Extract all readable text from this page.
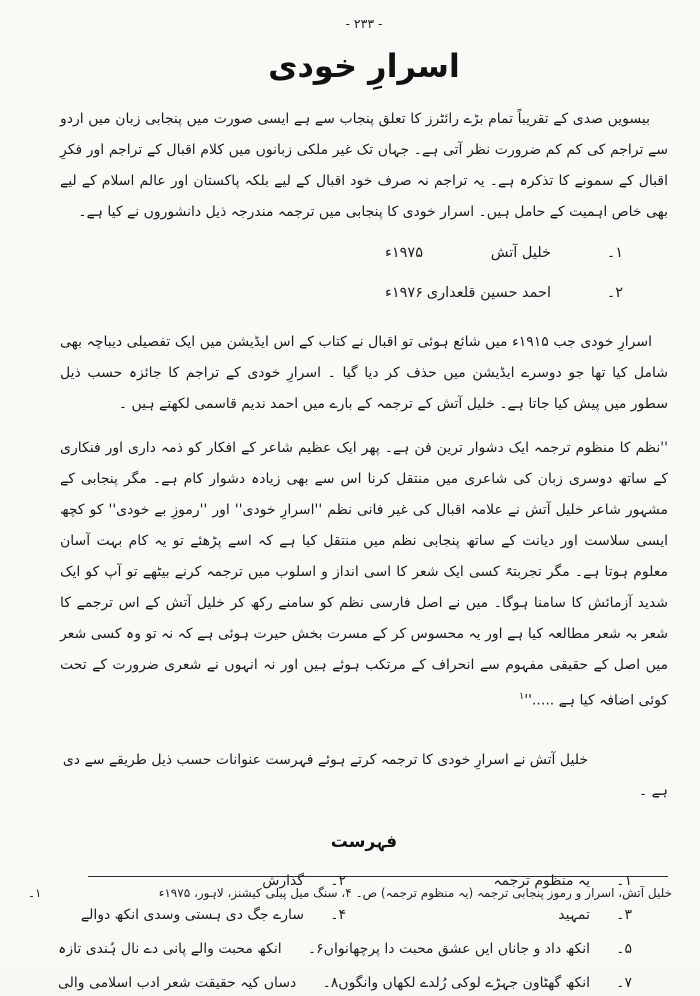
- ۲۳۳ -
اسرارِ خودی

بیسویں صدی کے تقریباً تمام بڑے رائٹرز کا تعلق پنجاب سے ہے ایسی صورت میں پنجابی زبان میں اردو سے تراجم کی کم کم ضرورت نظر آتی ہے۔ جہاں تک غیر ملکی زبانوں میں کلام اقبال کے تراجم اور فکرِ اقبال کے سمونے کا تذکرہ ہے۔ یہ تراجم نہ صرف خود اقبال کے لیے بلکہ پاکستان اور عالم اسلام کے لیے بھی خاص اہمیت کے حامل ہیں۔ اسرار خودی کا پنجابی میں ترجمہ مندرجہ ذیل دانشوروں نے کیا ہے۔

۱۔
خلیل آتش
۱۹۷۵ء
۲۔
احمد حسین قلعداری
۱۹۷۶ء

اسرارِ خودی جب ۱۹۱۵ء میں شائع ہوئی تو اقبال نے کتاب کے اس ایڈیشن میں ایک تفصیلی دیباچہ بھی شامل کیا تھا جو دوسرے ایڈیشن میں حذف کر دیا گیا ۔ اسرارِ خودی کے تراجم کا جائزہ حسب ذیل سطور میں پیش کیا جاتا ہے۔ خلیل آتش کے ترجمہ کے بارے میں احمد ندیم قاسمی لکھتے ہیں ۔

''نظم کا منظوم ترجمہ ایک دشوار ترین فن ہے۔ پھر ایک عظیم شاعر کے افکار کو ذمہ داری اور فنکاری کے ساتھ دوسری زبان کی شاعری میں منتقل کرنا اس سے بھی زیادہ دشوار کام ہے۔ مگر پنجابی کے مشہور شاعر خلیل آتش نے علامہ اقبال کی غیر فانی نظم ''اسرارِ خودی'' اور ''رموزِ بے خودی'' کو کچھ ایسی سلاست اور دیانت کے ساتھ پنجابی نظم میں منتقل کیا ہے کہ اسے پڑھئے تو یہ کام بہت آسان معلوم ہوتا ہے۔ مگر تجربتہً کسی ایک شعر کا اسی انداز و اسلوب میں ترجمہ کرنے بیٹھے تو آپ کو ایک شدید آزمائش کا سامنا ہوگا۔ میں نے اصل فارسی نظم کو سامنے رکھ کر خلیل آتش کے اس ترجمے کا شعر بہ شعر مطالعہ کیا ہے اور یہ محسوس کر کے مسرت بخش حیرت ہوئی ہے کہ نہ تو وہ کسی شعر میں اصل کے حقیقی مفہوم سے انحراف کے مرتکب ہوئے ہیں اور نہ انہوں نے شعری ضرورت کے تحت کوئی اضافہ کیا ہے .....''$^۱$

خلیل آتش نے اسرارِ خودی کا ترجمہ کرتے ہوئے فہرست عنوانات حسب ذیل طریقے سے دی ہے ۔

فہرست
۱۔
یہ منظوم ترجمہ
۲۔
گذارش
۳۔
تمہید
۴۔
سارے جگ دی ہستی وسدی انکھ دوالے
۵۔
انکھ داد و جاناں ایں عشق محبت دا پرچھانواں
۶۔
انکھ محبت والے پانی دے نال ہُندی تازہ
۷۔
انکھ گھٹاون جہڑے لوکی رُلدے لکھاں وانگوں
۸۔
دساں کیہ حقیقت شعر ادب اسلامی والی
۱۔	خلیل آتش، اسرار و رموز پنجابی ترجمہ (یہ منظوم ترجمہ) ص۔ ۴، سنگ میل پبلی کیشنز، لاہور، ۱۹۷۵ء
